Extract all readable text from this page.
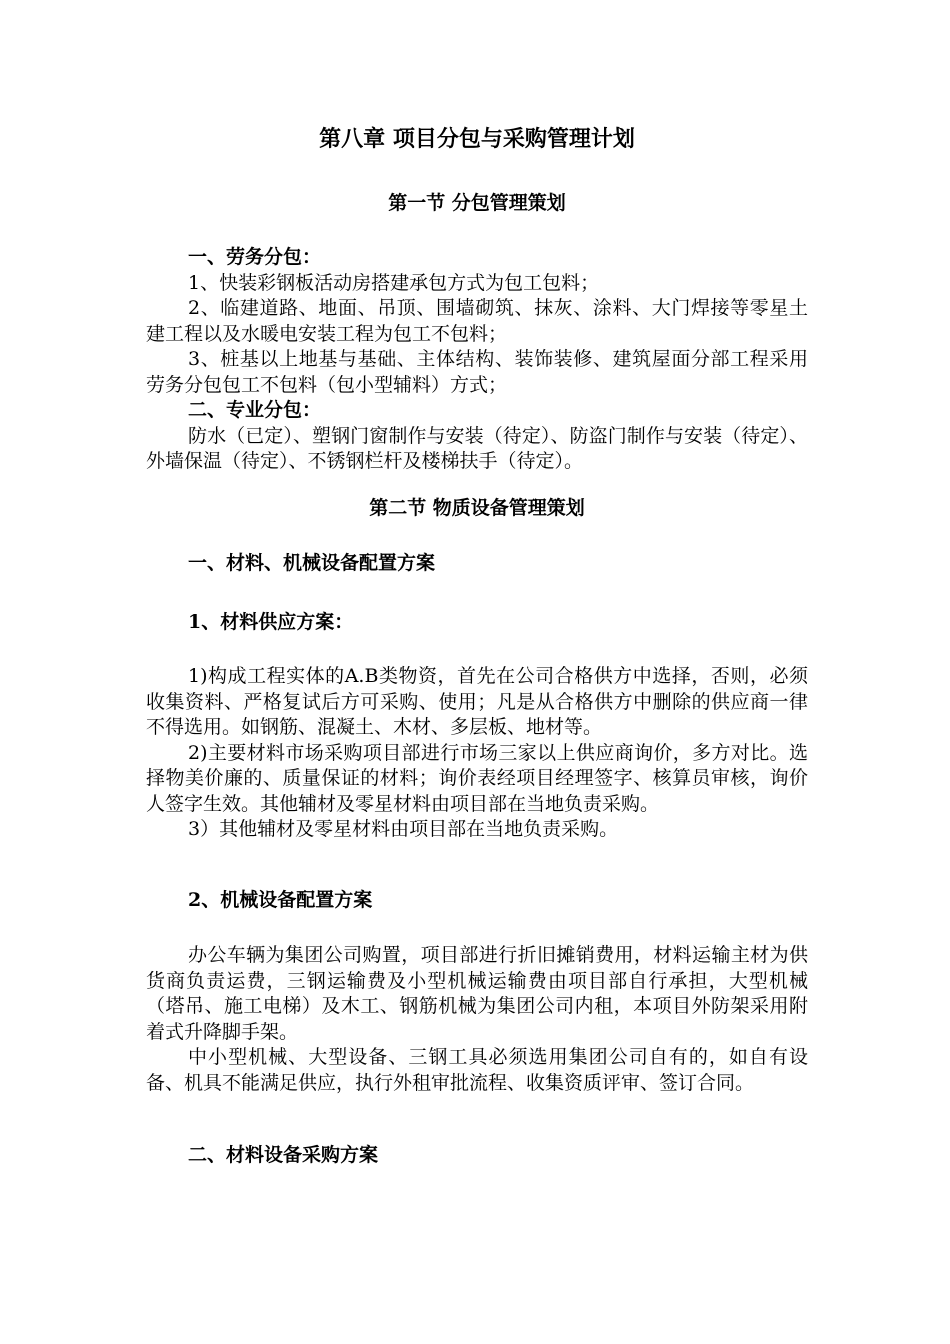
第八章 项目分包与采购管理计划
第一节 分包管理策划
一、劳务分包：

1、快装彩钢板活动房搭建承包方式为包工包料；

2、临建道路、地面、吊顶、围墙砌筑、抹灰、涂料、大门焊接等零星土建工程以及水暖电安装工程为包工不包料；

3、桩基以上地基与基础、主体结构、装饰装修、建筑屋面分部工程采用劳务分包包工不包料（包小型辅料）方式；

二、专业分包：

防水（已定）、塑钢门窗制作与安装（待定）、防盗门制作与安装（待定）、外墙保温（待定）、不锈钢栏杆及楼梯扶手（待定）。

第二节 物质设备管理策划
一、材料、机械设备配置方案
1、材料供应方案：

1)构成工程实体的A.B类物资，首先在公司合格供方中选择，否则，必须收集资料、严格复试后方可采购、使用；凡是从合格供方中删除的供应商一律不得选用。如钢筋、混凝土、木材、多层板、地材等。

2)主要材料市场采购项目部进行市场三家以上供应商询价，多方对比。选择物美价廉的、质量保证的材料；询价表经项目经理签字、核算员审核，询价人签字生效。其他辅材及零星材料由项目部在当地负责采购。

3）其他辅材及零星材料由项目部在当地负责采购。

2、机械设备配置方案

办公车辆为集团公司购置，项目部进行折旧摊销费用，材料运输主材为供货商负责运费，三钢运输费及小型机械运输费由项目部自行承担，大型机械（塔吊、施工电梯）及木工、钢筋机械为集团公司内租，本项目外防架采用附着式升降脚手架。

中小型机械、大型设备、三钢工具必须选用集团公司自有的，如自有设备、机具不能满足供应，执行外租审批流程、收集资质评审、签订合同。

二、材料设备采购方案
